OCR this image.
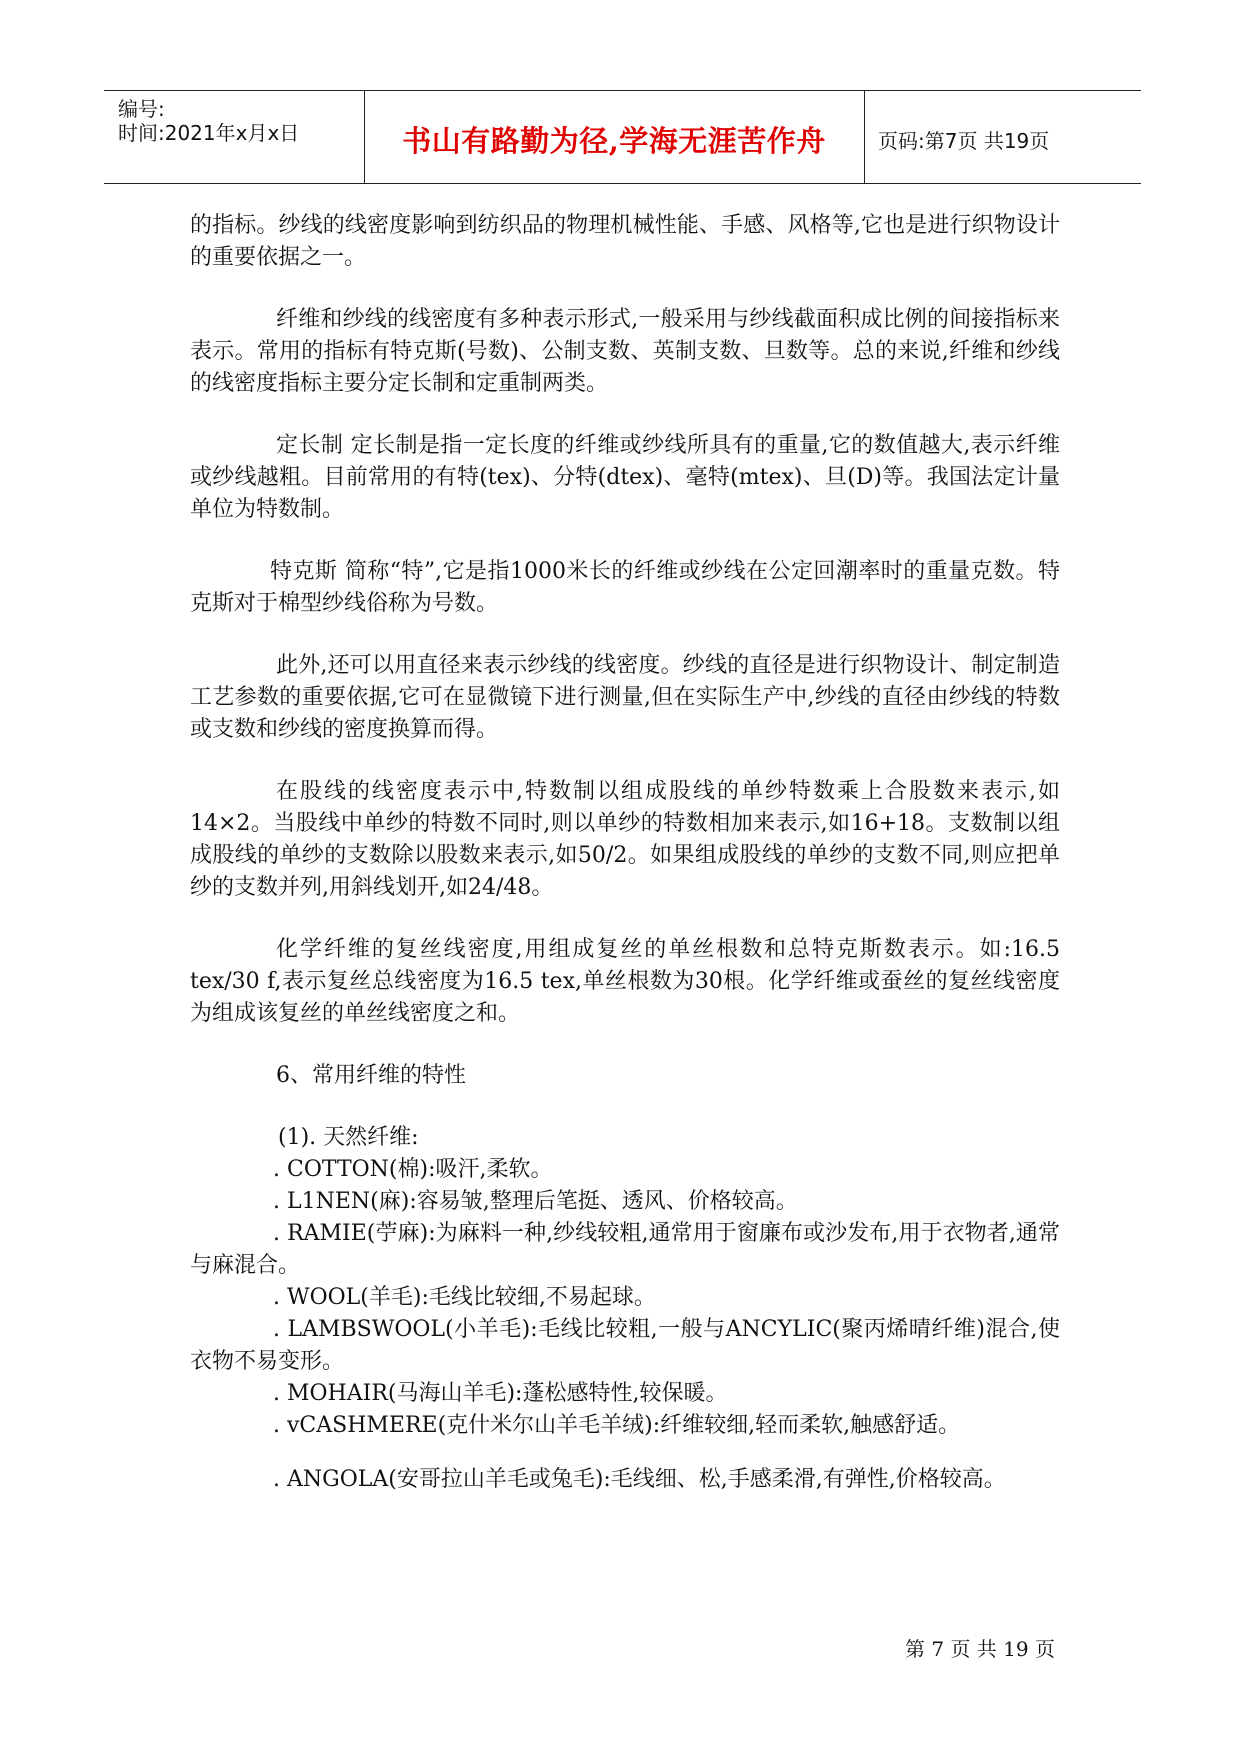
编号:
时间:2021年x月x日	书山有路勤为径,学海无涯苦作舟	页码:第7页 共19页

的指标。纱线的线密度影响到纺织品的物理机械性能、手感、风格等,它也是进行织物设计的重要依据之一。

纤维和纱线的线密度有多种表示形式,一般采用与纱线截面积成比例的间接指标来表示。常用的指标有特克斯(号数)、公制支数、英制支数、旦数等。总的来说,纤维和纱线的线密度指标主要分定长制和定重制两类。

定长制 定长制是指一定长度的纤维或纱线所具有的重量,它的数值越大,表示纤维或纱线越粗。目前常用的有特(tex)、分特(dtex)、毫特(mtex)、旦(D)等。我国法定计量单位为特数制。

特克斯 简称“特”,它是指1000米长的纤维或纱线在公定回潮率时的重量克数。特克斯对于棉型纱线俗称为号数。

此外,还可以用直径来表示纱线的线密度。纱线的直径是进行织物设计、制定制造工艺参数的重要依据,它可在显微镜下进行测量,但在实际生产中,纱线的直径由纱线的特数或支数和纱线的密度换算而得。

在股线的线密度表示中,特数制以组成股线的单纱特数乘上合股数来表示,如14×2。当股线中单纱的特数不同时,则以单纱的特数相加来表示,如16+18。支数制以组成股线的单纱的支数除以股数来表示,如50/2。如果组成股线的单纱的支数不同,则应把单纱的支数并列,用斜线划开,如24/48。

化学纤维的复丝线密度,用组成复丝的单丝根数和总特克斯数表示。如:16.5 tex/30 f,表示复丝总线密度为16.5 tex,单丝根数为30根。化学纤维或蚕丝的复丝线密度为组成该复丝的单丝线密度之和。

6、常用纤维的特性

(1). 天然纤维:

. COTTON(棉):吸汗,柔软。

. L1NEN(麻):容易皱,整理后笔挺、透风、价格较高。

. RAMIE(苧麻):为麻料一种,纱线较粗,通常用于窗廉布或沙发布,用于衣物者,通常与麻混合。

. WOOL(羊毛):毛线比较细,不易起球。

. LAMBSWOOL(小羊毛):毛线比较粗,一般与ANCYLIC(聚丙烯晴纤维)混合,使衣物不易变形。

. MOHAIR(马海山羊毛):蓬松感特性,较保暖。

. vCASHMERE(克什米尔山羊毛羊绒):纤维较细,轻而柔软,触感舒适。

. ANGOLA(安哥拉山羊毛或兔毛):毛线细、松,手感柔滑,有弹性,价格较高。

第 7 页 共 19 页
